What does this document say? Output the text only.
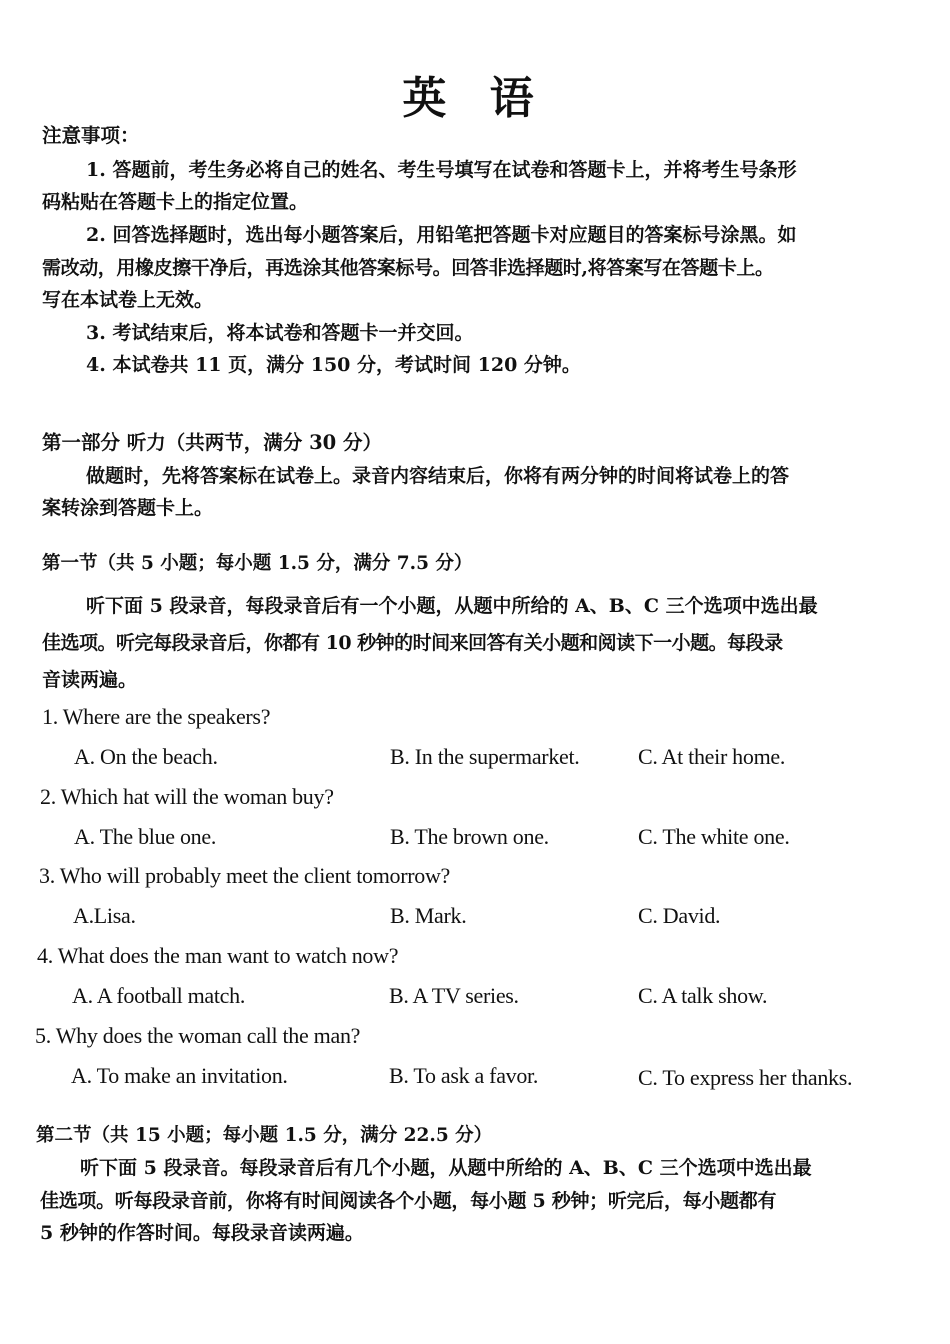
英 语
注意事项：
1. 答题前，考生务必将自己的姓名、考生号填写在试卷和答题卡上，并将考生号条形
码粘贴在答题卡上的指定位置。
2. 回答选择题时，选出每小题答案后，用铅笔把答题卡对应题目的答案标号涂黑。如
需改动，用橡皮擦干净后，再选涂其他答案标号。回答非选择题时,将答案写在答题卡上。
写在本试卷上无效。
3. 考试结束后，将本试卷和答题卡一并交回。
4. 本试卷共 11 页，满分 150 分，考试时间 120 分钟。
第一部分 听力（共两节，满分 30 分）
做题时，先将答案标在试卷上。录音内容结束后，你将有两分钟的时间将试卷上的答
案转涂到答题卡上。
第一节（共 5 小题；每小题 1.5 分，满分 7.5 分）
听下面 5 段录音，每段录音后有一个小题，从题中所给的 A、B、C 三个选项中选出最
佳选项。听完每段录音后，你都有 10 秒钟的时间来回答有关小题和阅读下一小题。每段录
音读两遍。
1. Where are the speakers?
A. On the beach.	B. In the supermarket.	C. At their home.
2. Which hat will the woman buy?
A. The blue one.	B. The brown one.	C. The white one.
3. Who will probably meet the client tomorrow?
A.Lisa.	B. Mark.	C. David.
4. What does the man want to watch now?
A. A football match.	B. A TV series.	C. A talk show.
5. Why does the woman call the man?
A. To make an invitation.	B. To ask a favor.	C. To express her thanks.
第二节（共 15 小题；每小题 1.5 分，满分 22.5 分）
听下面 5 段录音。每段录音后有几个小题，从题中所给的 A、B、C 三个选项中选出最
佳选项。听每段录音前，你将有时间阅读各个小题，每小题 5 秒钟；听完后，每小题都有
5 秒钟的作答时间。每段录音读两遍。
